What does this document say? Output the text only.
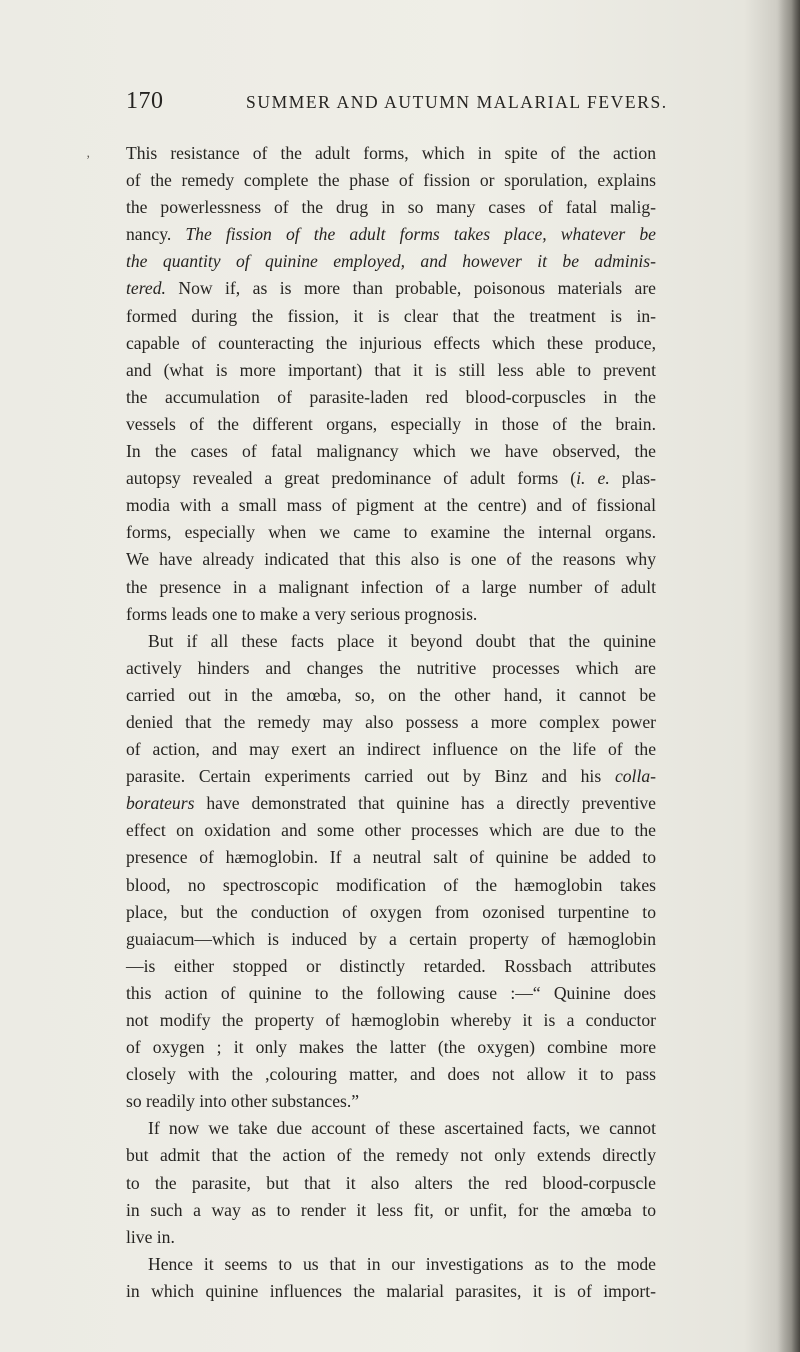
170	SUMMER AND AUTUMN MALARIAL FEVERS.
’ This resistance of the adult forms, which in spite of the action
of the remedy complete the phase of fission or sporulation, explains
the powerlessness of the drug in so many cases of fatal malig-
nancy. The fission of the adult forms takes place, whatever be
the quantity of quinine employed, and however it be adminis-
tered. Now if, as is more than probable, poisonous materials are
formed during the fission, it is clear that the treatment is in-
capable of counteracting the injurious effects which these produce,
and (what is more important) that it is still less able to prevent
the accumulation of parasite-laden red blood-corpuscles in the
vessels of the different organs, especially in those of the brain.
In the cases of fatal malignancy which we have observed, the
autopsy revealed a great predominance of adult forms (i. e. plas-
modia with a small mass of pigment at the centre) and of fissional
forms, especially when we came to examine the internal organs.
We have already indicated that this also is one of the reasons why
the presence in a malignant infection of a large number of adult
forms leads one to make a very serious prognosis.
But if all these facts place it beyond doubt that the quinine
actively hinders and changes the nutritive processes which are
carried out in the amœba, so, on the other hand, it cannot be
denied that the remedy may also possess a more complex power
of action, and may exert an indirect influence on the life of the
parasite. Certain experiments carried out by Binz and his colla-
borateurs have demonstrated that quinine has a directly preventive
effect on oxidation and some other processes which are due to the
presence of hæmoglobin. If a neutral salt of quinine be added to
blood, no spectroscopic modification of the hæmoglobin takes
place, but the conduction of oxygen from ozonised turpentine to
guaiacum—which is induced by a certain property of hæmoglobin
—is either stopped or distinctly retarded. Rossbach attributes
this action of quinine to the following cause :—“ Quinine does
not modify the property of hæmoglobin whereby it is a conductor
of oxygen ; it only makes the latter (the oxygen) combine more
closely with the ,colouring matter, and does not allow it to pass
so readily into other substances.”
If now we take due account of these ascertained facts, we cannot
but admit that the action of the remedy not only extends directly
to the parasite, but that it also alters the red blood-corpuscle
in such a way as to render it less fit, or unfit, for the amœba to
live in.
Hence it seems to us that in our investigations as to the mode
in which quinine influences the malarial parasites, it is of import-
